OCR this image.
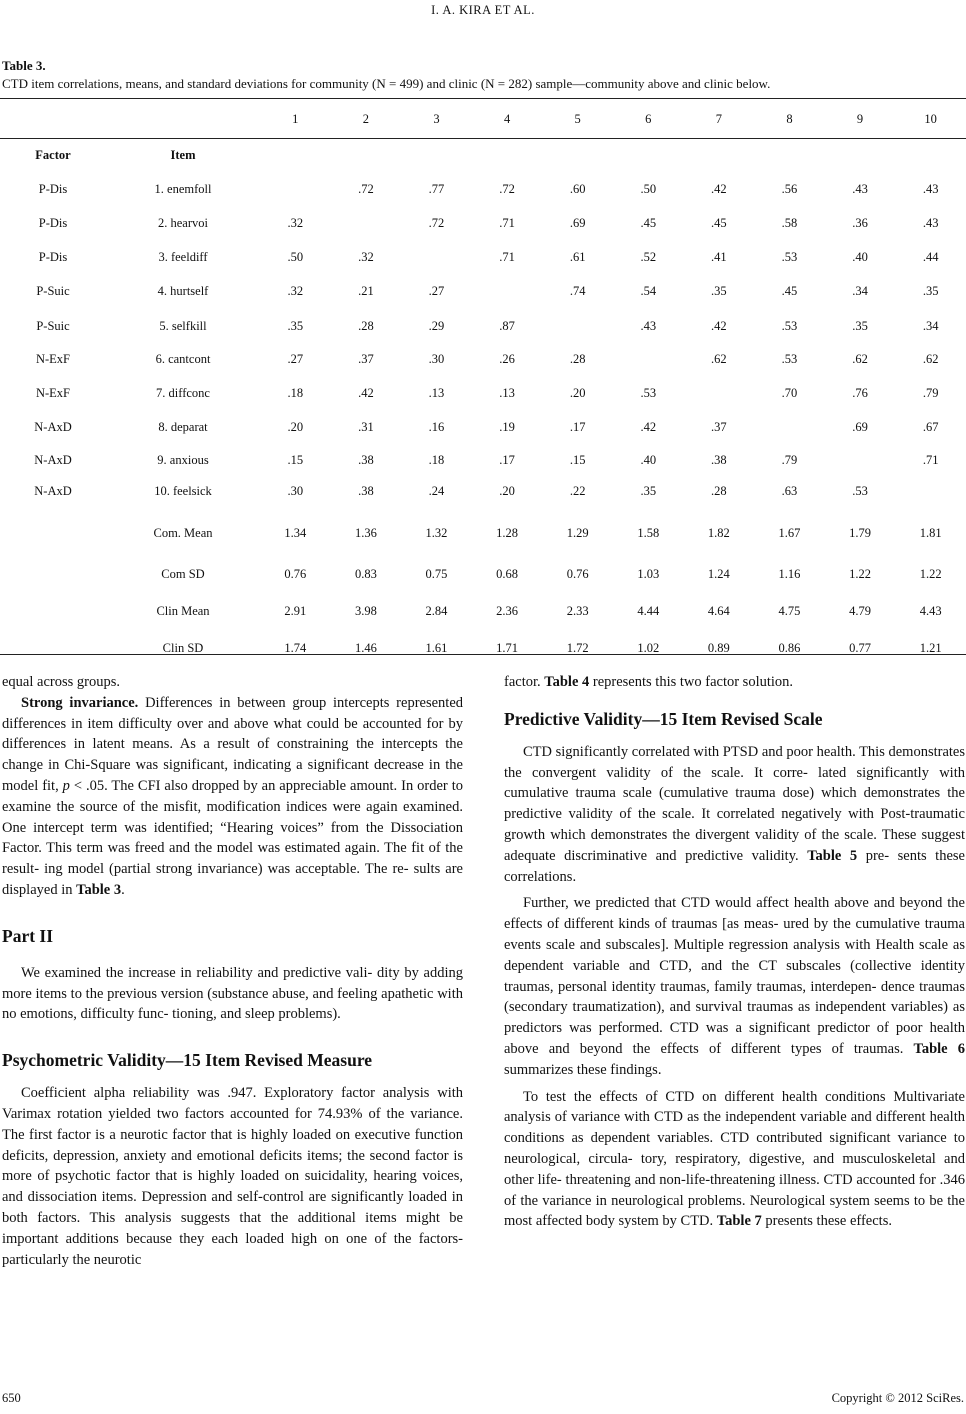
I. A. KIRA ET AL.
Table 3.
CTD item correlations, means, and standard deviations for community (N = 499) and clinic (N = 282) sample—community above and clinic below.
		1	2	3	4	5	6	7	8	9	10
Factor	Item										
P-Dis	1. enemfoll		.72	.77	.72	.60	.50	.42	.56	.43	.43
P-Dis	2. hearvoi	.32		.72	.71	.69	.45	.45	.58	.36	.43
P-Dis	3. feeldiff	.50	.32		.71	.61	.52	.41	.53	.40	.44
P-Suic	4. hurtself	.32	.21	.27		.74	.54	.35	.45	.34	.35
P-Suic	5. selfkill	.35	.28	.29	.87		.43	.42	.53	.35	.34
N-ExF	6. cantcont	.27	.37	.30	.26	.28		.62	.53	.62	.62
N-ExF	7. diffconc	.18	.42	.13	.13	.20	.53		.70	.76	.79
N-AxD	8. deparat	.20	.31	.16	.19	.17	.42	.37		.69	.67
N-AxD	9. anxious	.15	.38	.18	.17	.15	.40	.38	.79		.71
N-AxD	10. feelsick	.30	.38	.24	.20	.22	.35	.28	.63	.53	
	Com. Mean	1.34	1.36	1.32	1.28	1.29	1.58	1.82	1.67	1.79	1.81
	Com SD	0.76	0.83	0.75	0.68	0.76	1.03	1.24	1.16	1.22	1.22
	Clin Mean	2.91	3.98	2.84	2.36	2.33	4.44	4.64	4.75	4.79	4.43
	Clin SD	1.74	1.46	1.61	1.71	1.72	1.02	0.89	0.86	0.77	1.21

equal across groups.

Strong invariance. Differences in between group intercepts represented differences in item difficulty over and above what could be accounted for by differences in latent means. As a result of constraining the intercepts the change in Chi-Square was significant, indicating a significant decrease in the model fit, p < .05. The CFI also dropped by an appreciable amount. In order to examine the source of the misfit, modification indices were again examined. One intercept term was identified; “Hearing voices” from the Dissociation Factor. This term was freed and the model was estimated again. The fit of the result- ing model (partial strong invariance) was acceptable. The re- sults are displayed in Table 3.

Part II

We examined the increase in reliability and predictive vali- dity by adding more items to the previous version (substance abuse, and feeling apathetic with no emotions, difficulty func- tioning, and sleep problems).

Psychometric Validity—15 Item Revised Measure

Coefficient alpha reliability was .947. Exploratory factor analysis with Varimax rotation yielded two factors accounted for 74.93% of the variance. The first factor is a neurotic factor that is highly loaded on executive function deficits, depression, anxiety and emotional deficits items; the second factor is more of psychotic factor that is highly loaded on suicidality, hearing voices, and dissociation items. Depression and self-control are significantly loaded in both factors. This analysis suggests that the additional items might be important additions because they each loaded high on one of the factors-particularly the neurotic

factor. Table 4 represents this two factor solution.

Predictive Validity—15 Item Revised Scale

CTD significantly correlated with PTSD and poor health. This demonstrates the convergent validity of the scale. It corre- lated significantly with cumulative trauma scale (cumulative trauma dose) which demonstrates the predictive validity of the scale. It correlated negatively with Post-traumatic growth which demonstrates the divergent validity of the scale. These suggest adequate discriminative and predictive validity. Table 5 pre- sents these correlations.

Further, we predicted that CTD would affect health above and beyond the effects of different kinds of traumas [as meas- ured by the cumulative trauma events scale and subscales]. Multiple regression analysis with Health scale as dependent variable and CTD, and the CT subscales (collective identity traumas, personal identity traumas, family traumas, interdepen- dence traumas (secondary traumatization), and survival traumas as independent variables) as predictors was performed. CTD was a significant predictor of poor health above and beyond the effects of different types of traumas. Table 6 summarizes these findings.

To test the effects of CTD on different health conditions Multivariate analysis of variance with CTD as the independent variable and different health conditions as dependent variables. CTD contributed significant variance to neurological, circula- tory, respiratory, digestive, and musculoskeletal and other life- threatening and non-life-threatening illness. CTD accounted for .346 of the variance in neurological problems. Neurological system seems to be the most affected body system by CTD. Table 7 presents these effects.

650	Copyright © 2012 SciRes.
